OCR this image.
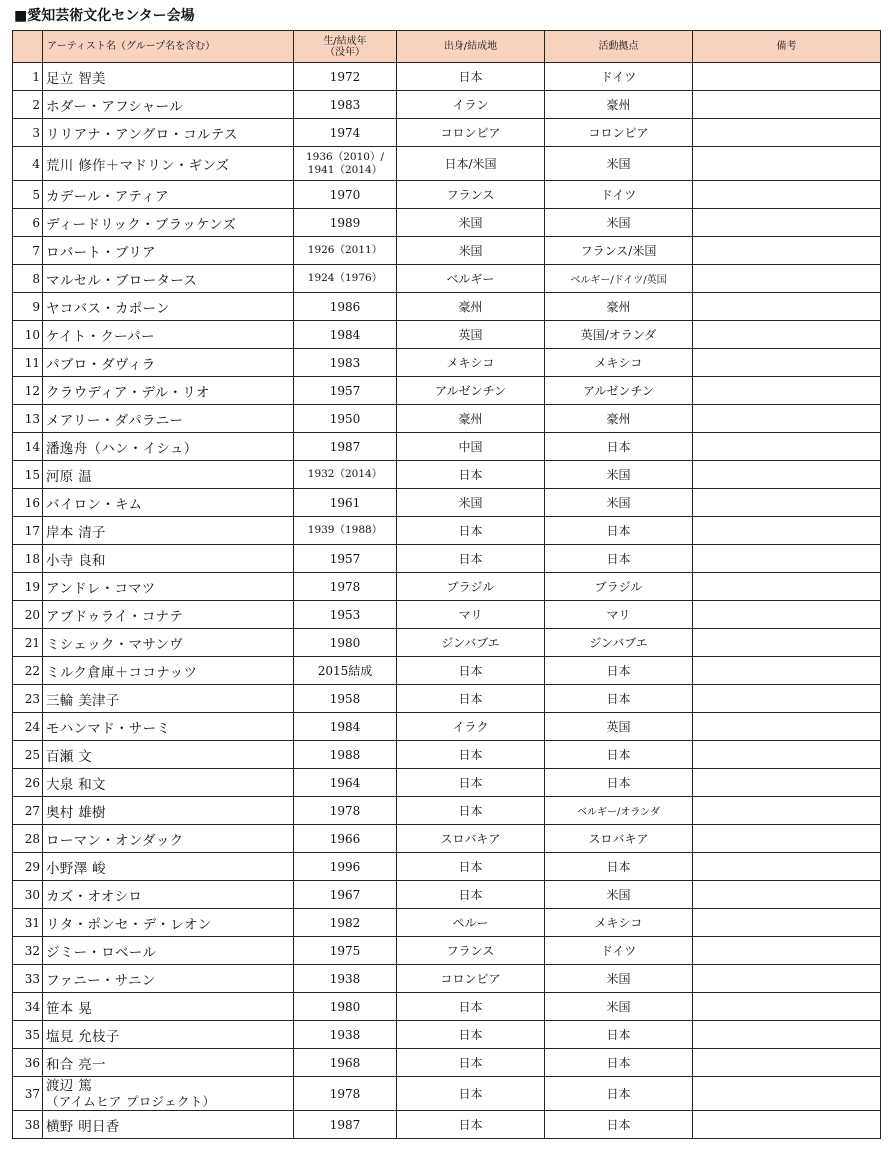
■愛知芸術文化センター会場
	アーティスト名（グループ名を含む）	生/結成年
（没年）	出身/結成地	活動拠点	備考
1	足立 智美	1972	日本	ドイツ	
2	ホダー・アフシャール	1983	イラン	豪州	
3	リリアナ・アングロ・コルテス	1974	コロンビア	コロンビア	
4	荒川 修作＋マドリン・ギンズ	1936（2010）/
1941（2014）	日本/米国	米国	
5	カデール・アティア	1970	フランス	ドイツ	
6	ディードリック・ブラッケンズ	1989	米国	米国	
7	ロバート・ブリア	1926（2011）	米国	フランス/米国	
8	マルセル・ブロータース	1924（1976）	ベルギー	ベルギー/ドイツ/英国	
9	ヤコバス・カポーン	1986	豪州	豪州	
10	ケイト・クーパー	1984	英国	英国/オランダ	
11	パブロ・ダヴィラ	1983	メキシコ	メキシコ	
12	クラウディア・デル・リオ	1957	アルゼンチン	アルゼンチン	
13	メアリー・ダパラニー	1950	豪州	豪州	
14	潘逸舟（ハン・イシュ）	1987	中国	日本	
15	河原 温	1932（2014）	日本	米国	
16	バイロン・キム	1961	米国	米国	
17	岸本 清子	1939（1988）	日本	日本	
18	小寺 良和	1957	日本	日本	
19	アンドレ・コマツ	1978	ブラジル	ブラジル	
20	アブドゥライ・コナテ	1953	マリ	マリ	
21	ミシェック・マサンヴ	1980	ジンバブエ	ジンバブエ	
22	ミルク倉庫＋ココナッツ	2015結成	日本	日本	
23	三輪 美津子	1958	日本	日本	
24	モハンマド・サーミ	1984	イラク	英国	
25	百瀬 文	1988	日本	日本	
26	大泉 和文	1964	日本	日本	
27	奥村 雄樹	1978	日本	ベルギー/オランダ	
28	ローマン・オンダック	1966	スロバキア	スロバキア	
29	小野澤 峻	1996	日本	日本	
30	カズ・オオシロ	1967	日本	米国	
31	リタ・ポンセ・デ・レオン	1982	ペルー	メキシコ	
32	ジミー・ロベール	1975	フランス	ドイツ	
33	ファニー・サニン	1938	コロンビア	米国	
34	笹本 晃	1980	日本	米国	
35	塩見 允枝子	1938	日本	日本	
36	和合 亮一	1968	日本	日本	
37	渡辺 篤
（アイムヒア プロジェクト）	1978	日本	日本	
38	横野 明日香	1987	日本	日本	
